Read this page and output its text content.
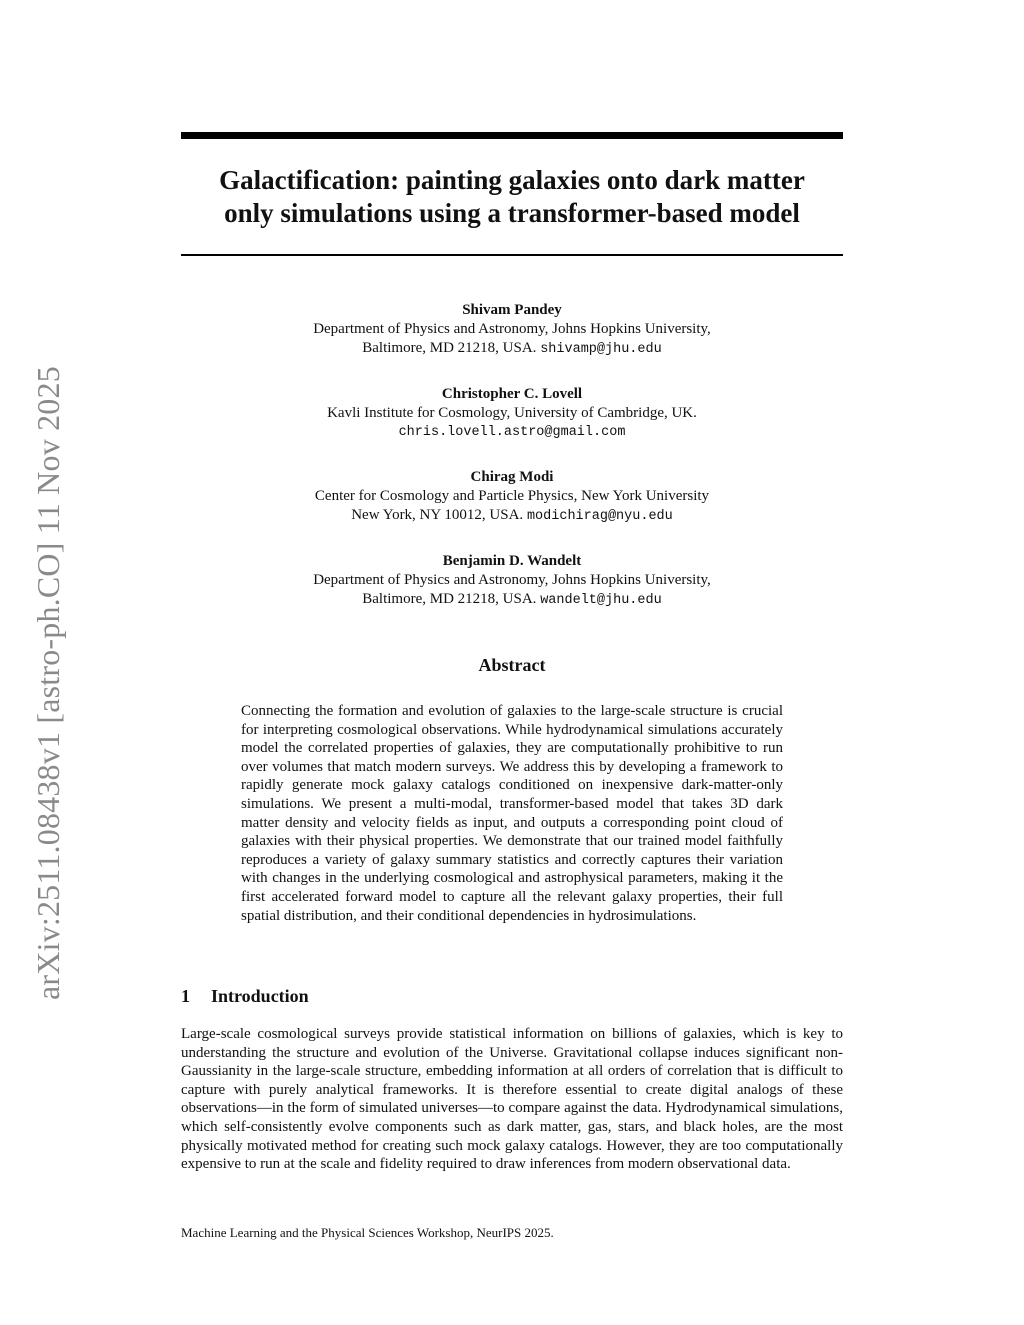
arXiv:2511.08438v1 [astro-ph.CO] 11 Nov 2025
Galactification: painting galaxies onto dark matter
only simulations using a transformer-based model
Shivam Pandey
Department of Physics and Astronomy, Johns Hopkins University,
Baltimore, MD 21218, USA. shivamp@jhu.edu
Christopher C. Lovell
Kavli Institute for Cosmology, University of Cambridge, UK.
chris.lovell.astro@gmail.com
Chirag Modi
Center for Cosmology and Particle Physics, New York University
New York, NY 10012, USA. modichirag@nyu.edu
Benjamin D. Wandelt
Department of Physics and Astronomy, Johns Hopkins University,
Baltimore, MD 21218, USA. wandelt@jhu.edu
Abstract

Connecting the formation and evolution of galaxies to the large-scale structure is crucial for interpreting cosmological observations. While hydrodynamical simulations accurately model the correlated properties of galaxies, they are computationally prohibitive to run over volumes that match modern surveys. We address this by developing a framework to rapidly generate mock galaxy catalogs conditioned on inexpensive dark-matter-only simulations. We present a multi-modal, transformer-based model that takes 3D dark matter density and velocity fields as input, and outputs a corresponding point cloud of galaxies with their physical properties. We demonstrate that our trained model faithfully reproduces a variety of galaxy summary statistics and correctly captures their variation with changes in the underlying cosmological and astrophysical parameters, making it the first accelerated forward model to capture all the relevant galaxy properties, their full spatial distribution, and their conditional dependencies in hydrosimulations.

1 Introduction

Large-scale cosmological surveys provide statistical information on billions of galaxies, which is key to understanding the structure and evolution of the Universe. Gravitational collapse induces significant non-Gaussianity in the large-scale structure, embedding information at all orders of correlation that is difficult to capture with purely analytical frameworks. It is therefore essential to create digital analogs of these observations—in the form of simulated universes—to compare against the data. Hydrodynamical simulations, which self-consistently evolve components such as dark matter, gas, stars, and black holes, are the most physically motivated method for creating such mock galaxy catalogs. However, they are too computationally expensive to run at the scale and fidelity required to draw inferences from modern observational data.

Machine Learning and the Physical Sciences Workshop, NeurIPS 2025.
